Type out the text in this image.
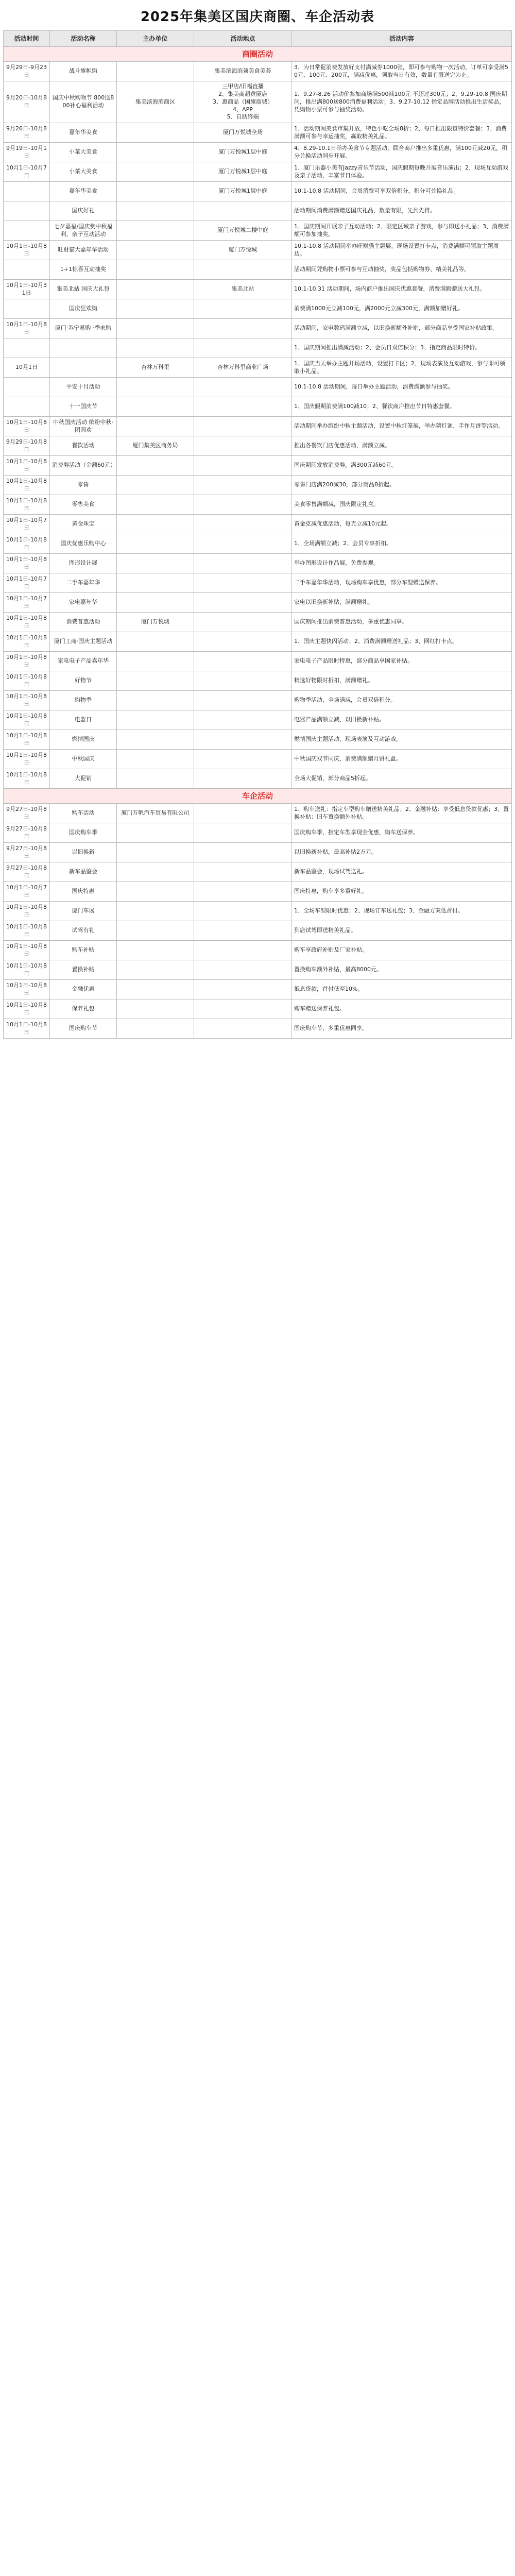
2025年集美区国庆商圈、车企活动表
活动时间	活动名称	主办单位	活动地点	活动内容
商圈活动				
9月29日-9月23日	战斗旗帜购		集美滨海滨兼美食美荟	3、为日常促消费发放好支付滿减券1000张，即可参与购物一次活动，订单可享受满50元、100元、200元，满减优惠，领取当日有效，数量有限送完为止。
9月20日-10月8日	国庆中秋购物节 800送800补心福利活动	集美滨海滨商区	三甲店/旧福直播
2、集美商超黄厦店
3、惠商品（国旗商城）
4、APP
5、自助终端	1、9.27-8.26 活动价参加商场满500减100元 不超过300元；2、9.29-10.8 国庆期间，推出满800送800消费福利活动；3、9.27-10.12 指定品牌活动推出生活奖品，凭购物小票可参与抽奖活动。
9月26日-10月8日	嘉年华美食		厦门万悦城全场	1、活动期间美食市集开放，特色小吃全场8折；2、每日推出限量特价套餐；3、消费满额可参与幸运抽奖，赢取精美礼品。
9月19日-10月1日	小菜大美食		厦门万悦城1层中庭	4、8.29-10.1日举办美食节专题活动，联合商户推出多重优惠，满100元减20元，积分兑换活动同步开展。
10月1日-10月7日	小菜大美食		厦门万悦城1层中庭	1、厦门乐器小美有Jazzy音乐节活动，国庆假期每晚开展音乐演出；2、现场互动游戏及亲子活动，丰富节日体验。
	嘉年华美食		厦门万悦城1层中庭	10.1-10.8 活动期间，会员消费可享双倍积分，积分可兑换礼品。
	国庆好礼			活动期间消费满额赠送国庆礼品，数量有限，先到先得。
	七夕嘉福/国庆赏中秋福利、亲子互动活动		厦门万悦城二楼中庭	1、国庆期间开展亲子互动活动；2、限定区域亲子游戏，参与即送小礼品；3、消费满额可参加抽奖。
10月1日-10月8日	旺财猫大嘉年华活动		厦门万悦城	10.1-10.8 活动期间举办旺财猫主题展，现场设置打卡点，消费满额可领取主题周边。
	1+1惊喜互动抽奖			活动期间凭购物小票可参与互动抽奖，奖品包括购物券、精美礼品等。
10月1日-10月31日	集美北站 国庆大礼包		集美北站	10.1-10.31 活动期间，场内商户推出国庆优惠套餐，消费满额赠送大礼包。
	国庆狂欢购			消费满1000元立减100元，满2000元立减300元，满额加赠好礼。
10月1日-10月8日	厦门·苏宁易购 ·季末购			活动期间，家电数码满额立减，以旧换新额外补贴，部分商品享受国家补贴政策。
				1、国庆期间推出满减活动；2、会员日双倍积分；3、指定商品限时特价。
10月1日		杏林万科里	杏林万科里商业广场	1、国庆当天举办主题开场活动，设置打卡区；2、现场表演及互动游戏，参与即可领取小礼品。
	平安十月活动			10.1-10.8 活动期间，每日举办主题活动，消费满额参与抽奖。
	十一国庆节			1、国庆假期消费满100减10；2、餐饮商户推出节日特惠套餐。
10月1日-10月8日	中秋国庆活动 缤纷中秋·团圆欢			活动期间举办缤纷中秋主题活动，设置中秋灯笼展，举办猜灯谜、手作月饼等活动。
9月29日-10月8日	餐饮活动	厦门集美区商务局		推出各餐饮门店优惠活动，满额立减。
10月1日-10月8日	消费券活动（金额60元）			国庆期间发放消费券，满300元减60元。
10月1日-10月8日	零售			零售门店满200减30，部分商品8折起。
10月1日-10月8日	零售美食			美食零售满额减，国庆限定礼盒。
10月1日-10月7日	黄金珠宝			黄金克减优惠活动，每克立减10元起。
10月1日-10月8日	国庆优惠乐购中心			1、全场满额立减；2、会员专享折扣。
10月1日-10月8日	图形设计展			举办图形设计作品展，免费参观。
10月1日-10月7日	二手车嘉年华			二手车嘉年华活动，现场购车享优惠，部分车型赠送保养。
10月1日-10月7日	家电嘉年华			家电以旧换新补贴，满额赠礼。
10月1日-10月8日	消费普惠活动	厦门万悦城		国庆期间推出消费普惠活动，多重优惠同享。
10月1日-10月8日	厦门工商·国庆主题活动			1、国庆主题快闪活动；2、消费满额赠送礼品；3、网红打卡点。
10月1日-10月8日	家电电子产品嘉年华			家电电子产品限时特惠，部分商品享国家补贴。
10月1日-10月8日	好物节			精选好物限时折扣，满额赠礼。
10月1日-10月8日	购物季			购物季活动，全场满减，会员双倍积分。
10月1日-10月8日	电器日			电器产品满额立减，以旧换新补贴。
10月1日-10月8日	燃情国庆			燃情国庆主题活动，现场表演及互动游戏。
10月1日-10月8日	中秋国庆			中秋国庆双节同庆，消费满额赠月饼礼盒。
10月1日-10月8日	大促销			全场大促销，部分商品5折起。
车企活动				
9月27日-10月8日	购车活动	厦门万帆汽车贸易有限公司		1、购车送礼：指定车型购车赠送精美礼品；2、金融补贴：享受低息贷款优惠；3、置换补贴：旧车置换额外补贴。
9月27日-10月8日	国庆购车季			国庆购车季，指定车型享现金优惠，购车送保养。
9月27日-10月8日	以旧换新			以旧换新补贴，最高补贴2万元。
9月27日-10月8日	新车品鉴会			新车品鉴会，现场试驾送礼。
10月1日-10月7日	国庆特惠			国庆特惠，购车享多重好礼。
10月1日-10月8日	厦门车展			1、全场车型限时优惠；2、现场订车送礼包；3、金融方案低首付。
10月1日-10月8日	试驾有礼			到店试驾即送精美礼品。
10月1日-10月8日	购车补贴			购车享政府补贴及厂家补贴。
10月1日-10月8日	置换补贴			置换购车额外补贴，最高8000元。
10月1日-10月8日	金融优惠			低息贷款，首付低至10%。
10月1日-10月8日	保养礼包			购车赠送保养礼包。
10月1日-10月8日	国庆购车节			国庆购车节，多重优惠同享。
